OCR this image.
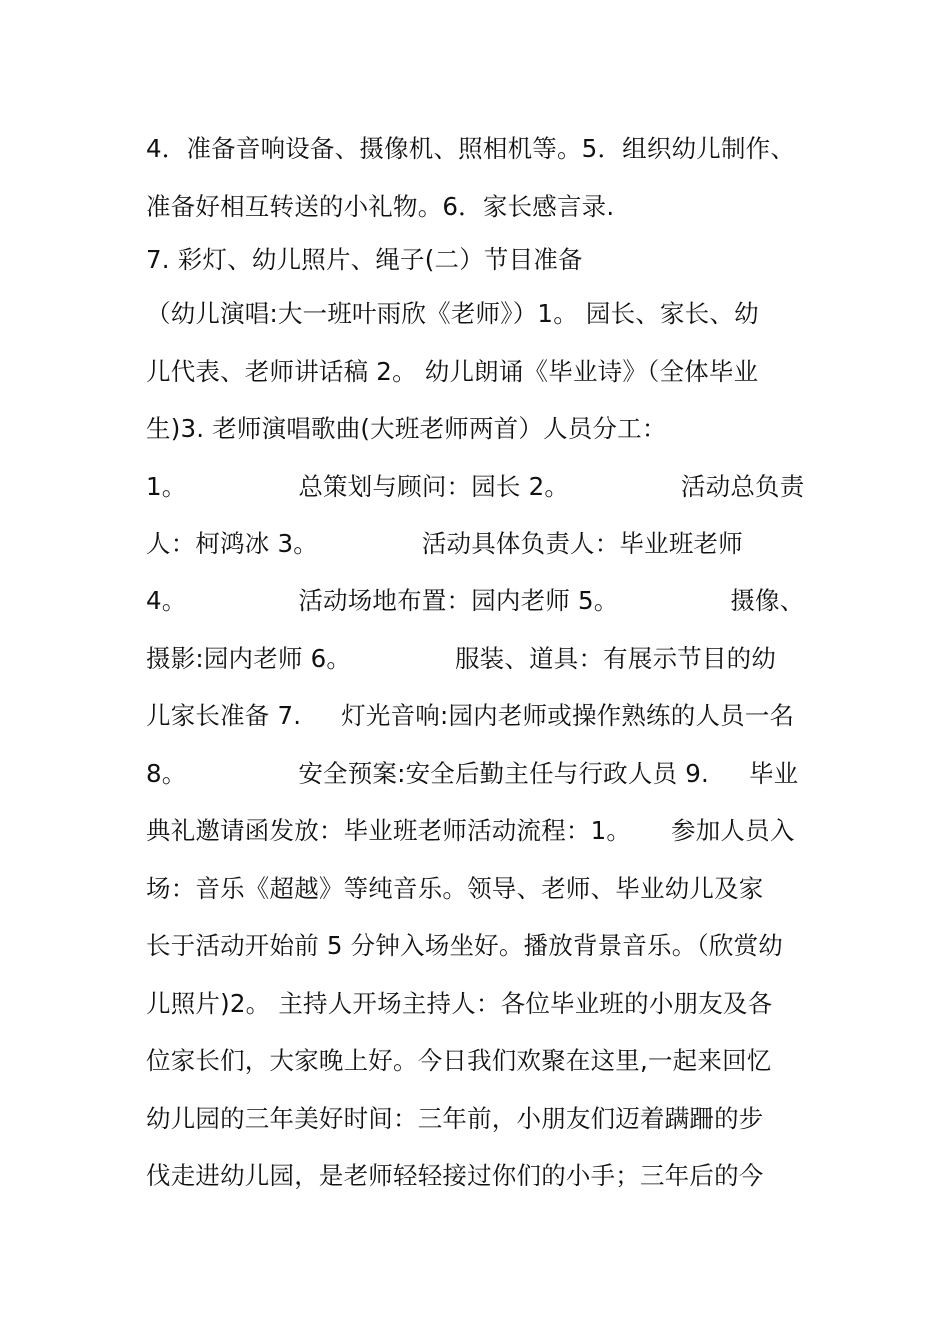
4．准备音响设备、摄像机、照相机等。5．组织幼儿制作、
准备好相互转送的小礼物。6．家长感言录.
7. 彩灯、幼儿照片、绳子(二）节目准备
（幼儿演唱:大一班叶雨欣《老师》）1。 园长、家长、幼
儿代表、老师讲话稿 2。 幼儿朗诵《毕业诗》（全体毕业
生)3. 老师演唱歌曲(大班老师两首）人员分工：
1。              总策划与顾问：园长 2。              活动总负责
人：柯鸿冰 3。             活动具体负责人：毕业班老师
4。              活动场地布置：园内老师 5。              摄像、
摄影:园内老师 6。             服装、道具：有展示节目的幼
儿家长准备 7.     灯光音响:园内老师或操作熟练的人员一名
8。              安全预案:安全后勤主任与行政人员 9.     毕业
典礼邀请函发放：毕业班老师活动流程：1。     参加人员入
场：音乐《超越》等纯音乐。领导、老师、毕业幼儿及家
长于活动开始前 5 分钟入场坐好。播放背景音乐。（欣赏幼
儿照片)2。 主持人开场主持人：各位毕业班的小朋友及各
位家长们，大家晚上好。今日我们欢聚在这里,一起来回忆
幼儿园的三年美好时间：三年前，小朋友们迈着蹒跚的步
伐走进幼儿园，是老师轻轻接过你们的小手；三年后的今
